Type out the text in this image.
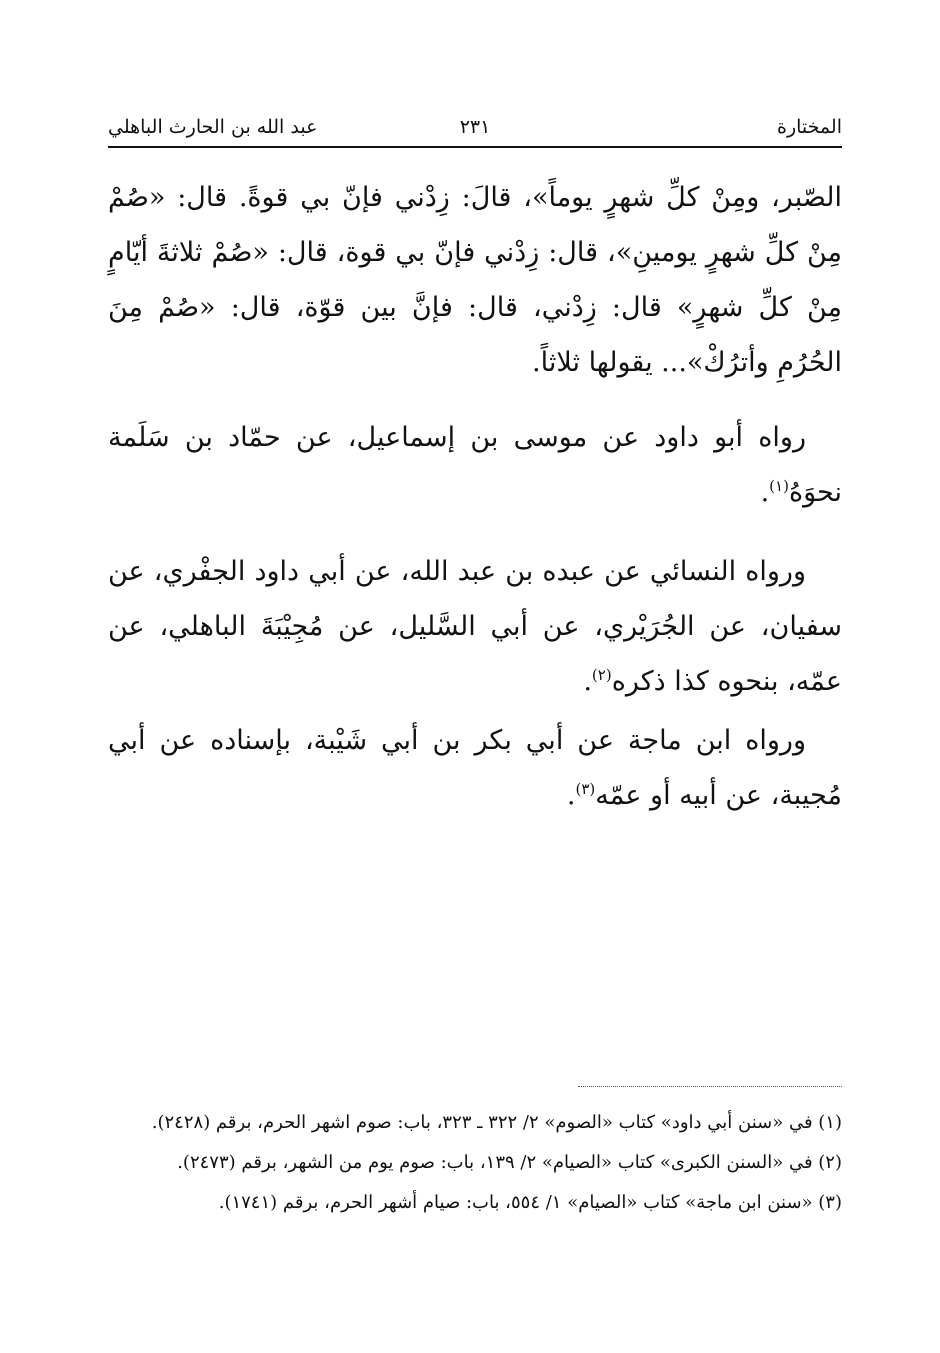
المختارة
٢٣١
عبد الله بن الحارث الباهلي

الصّبر، ومِنْ كلِّ شهرٍ يوماً»، قالَ: زِدْني فإنّ بي قوةً. قال: «صُمْ مِنْ كلِّ شهرٍ يومينِ»، قال: زِدْني فإنّ بي قوة، قال: «صُمْ ثلاثةَ أيّامٍ مِنْ كلِّ شهرٍ» قال: زِدْني، قال: فإنَّ بين قوّة، قال: «صُمْ مِنَ الحُرُمِ وأترُكْ»... يقولها ثلاثاً.

رواه أبو داود عن موسى بن إسماعيل، عن حمّاد بن سَلَمة نحوَهُ$^{(١)}$.

ورواه النسائي عن عبده بن عبد الله، عن أبي داود الجفْري، عن سفيان، عن الجُرَيْري، عن أبي السَّليل، عن مُجِيْبَةَ الباهلي، عن عمّه، بنحوه كذا ذكره$^{(٢)}$.

ورواه ابن ماجة عن أبي بكر بن أبي شَيْبة، بإسناده عن أبي مُجيبة، عن أبيه أو عمّه$^{(٣)}$.

(١) في «سنن أبي داود» كتاب «الصوم» ٢/ ٣٢٢ ـ ٣٢٣، باب: صوم اشهر الحرم، برقم (٢٤٢٨).

(٢) في «السنن الكبرى» كتاب «الصيام» ٢/ ١٣٩، باب: صوم يوم من الشهر، برقم (٢٤٧٣).

(٣) «سنن ابن ماجة» كتاب «الصيام» ١/ ٥٥٤، باب: صيام أشهر الحرم، برقم (١٧٤١).
